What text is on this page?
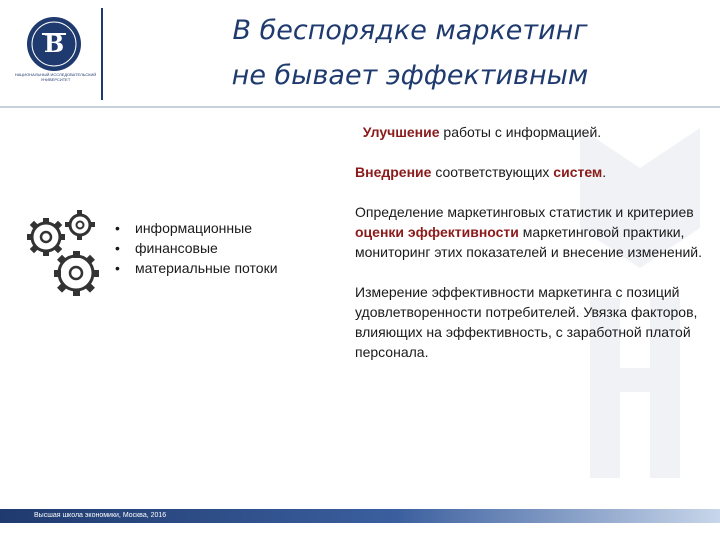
B
НАЦИОНАЛЬНЫЙ ИССЛЕДОВАТЕЛЬСКИЙ УНИВЕРСИТЕТ
В беспорядке маркетинг
не бывает эффективным
• информационные
• финансовые
• материальные потоки

Улучшение работы с информацией.

Внедрение соответствующих систем.

Определение маркетинговых статистик и критериев оценки эффективности маркетинговой практики, мониторинг этих показателей и внесение изменений.

Измерение эффективности маркетинга с позиций удовлетворенности потребителей. Увязка факторов, влияющих на эффективность, с заработной платой персонала.

Высшая школа экономики, Москва, 2016
